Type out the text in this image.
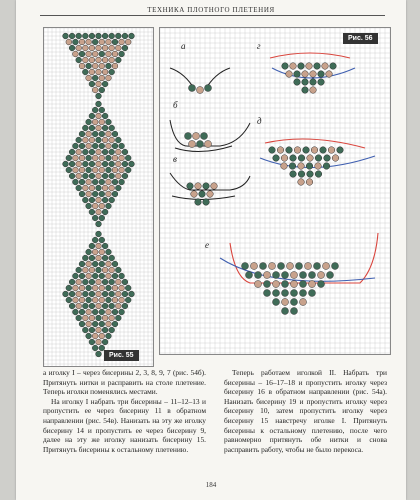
ТЕХНИКА ПЛОТНОГО ПЛЕТЕНИЯ
Рис. 55
Рис. 56
а
б
в
г
д
е

а иголку I – через бисерины 2, 3, 8, 9, 7 (рис. 54б). Притянуть нитки и расправить на столе плетение. Теперь иголки поменялись местами.

На иголку I набрать три бисерины – 11–12–13 и пропустить ее через бисерину 11 в обратном направлении (рис. 54в). Нанизать на эту же иголку бисерину 14 и пропустить ее через бисерину 9, далее на эту же иголку нанизать бисерину 15. Притянуть бисерины к остальному плетению.

Теперь работаем иголкой II. Набрать три бисерины – 16–17–18 и пропустить иголку через бисерину 16 в обратном направлении (рис. 54а). Нанизать бисерину 19 и пропустить иголку через бисерину 10, затем пропустить иголку через бисерину 15 навстречу иголке I. Притянуть бисерины к остальному плетению, после чего равномерно притянуть обе нитки и снова расправить работу, чтобы не было перекоса.

184
